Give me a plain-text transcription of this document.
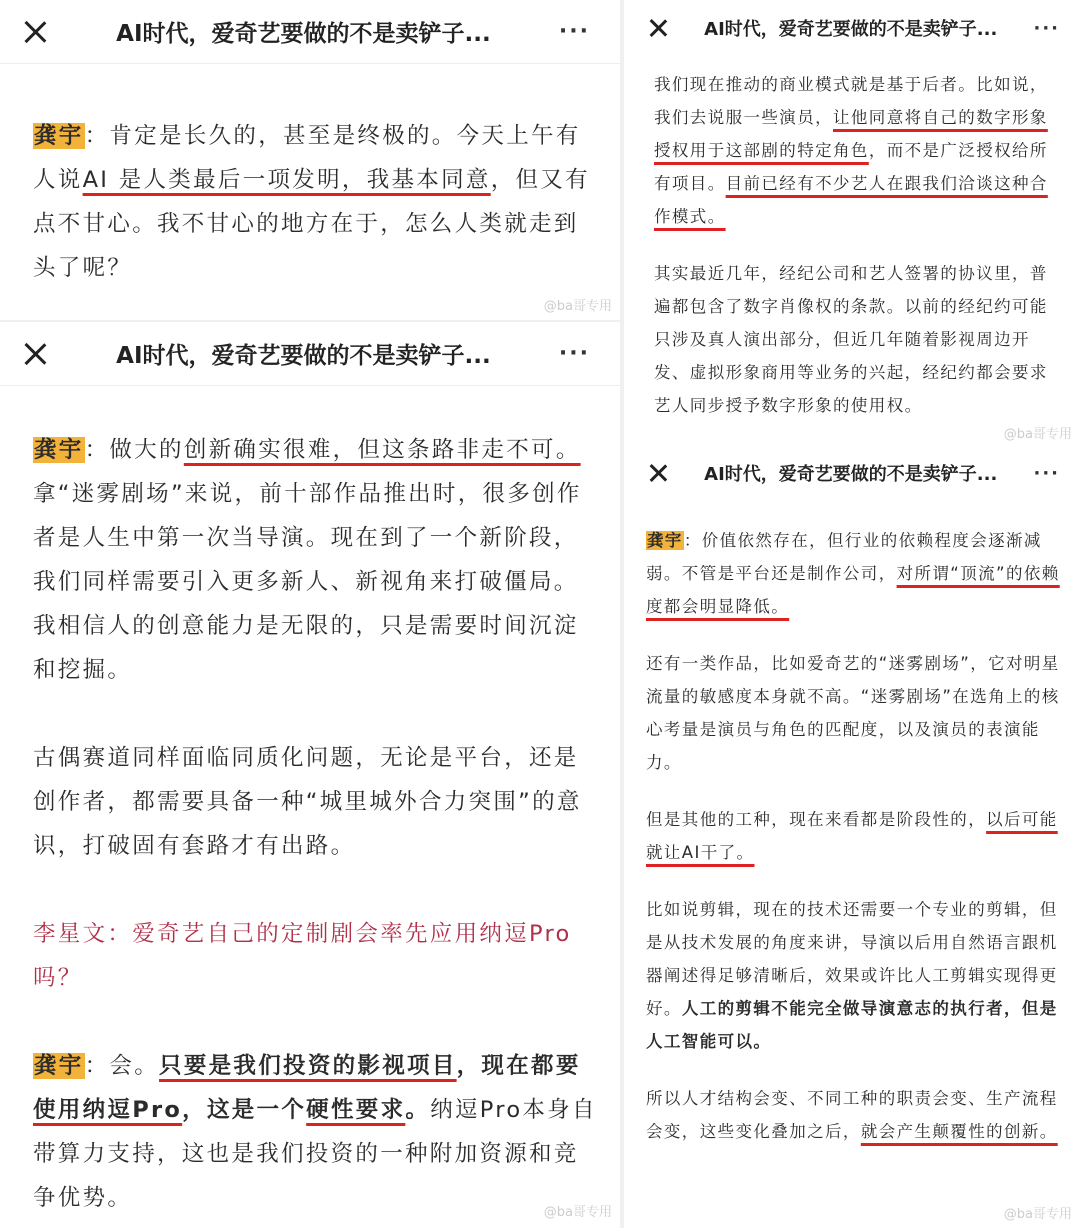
AI时代，爱奇艺要做的不是卖铲子...	···

龚宇：肯定是长久的，甚至是终极的。今天上午有人说AI 是人类最后一项发明，我基本同意，但又有点不甘心。我不甘心的地方在于，怎么人类就走到头了呢？

@ba哥专用
AI时代，爱奇艺要做的不是卖铲子...	···

龚宇：做大的创新确实很难，但这条路非走不可。拿“迷雾剧场”来说，前十部作品推出时，很多创作者是人生中第一次当导演。现在到了一个新阶段，我们同样需要引入更多新人、新视角来打破僵局。我相信人的创意能力是无限的，只是需要时间沉淀和挖掘。

古偶赛道同样面临同质化问题，无论是平台，还是创作者，都需要具备一种“城里城外合力突围”的意识，打破固有套路才有出路。

李星文：爱奇艺自己的定制剧会率先应用纳逗Pro吗？

龚宇：会。只要是我们投资的影视项目，现在都要使用纳逗Pro，这是一个硬性要求。纳逗Pro本身自带算力支持，这也是我们投资的一种附加资源和竞争优势。

@ba哥专用
AI时代，爱奇艺要做的不是卖铲子...	···

我们现在推动的商业模式就是基于后者。比如说，我们去说服一些演员，让他同意将自己的数字形象授权用于这部剧的特定角色，而不是广泛授权给所有项目。目前已经有不少艺人在跟我们洽谈这种合作模式。

其实最近几年，经纪公司和艺人签署的协议里，普遍都包含了数字肖像权的条款。以前的经纪约可能只涉及真人演出部分，但近几年随着影视周边开发、虚拟形象商用等业务的兴起，经纪约都会要求艺人同步授予数字形象的使用权。

@ba哥专用
AI时代，爱奇艺要做的不是卖铲子...	···

龚宇：价值依然存在，但行业的依赖程度会逐渐减弱。不管是平台还是制作公司，对所谓“顶流”的依赖度都会明显降低。

还有一类作品，比如爱奇艺的“迷雾剧场”，它对明星流量的敏感度本身就不高。“迷雾剧场”在选角上的核心考量是演员与角色的匹配度，以及演员的表演能力。

但是其他的工种，现在来看都是阶段性的，以后可能就让AI干了。

比如说剪辑，现在的技术还需要一个专业的剪辑，但是从技术发展的角度来讲，导演以后用自然语言跟机器阐述得足够清晰后，效果或许比人工剪辑实现得更好。人工的剪辑不能完全做导演意志的执行者，但是人工智能可以。

所以人才结构会变、不同工种的职责会变、生产流程会变，这些变化叠加之后，就会产生颠覆性的创新。

@ba哥专用
